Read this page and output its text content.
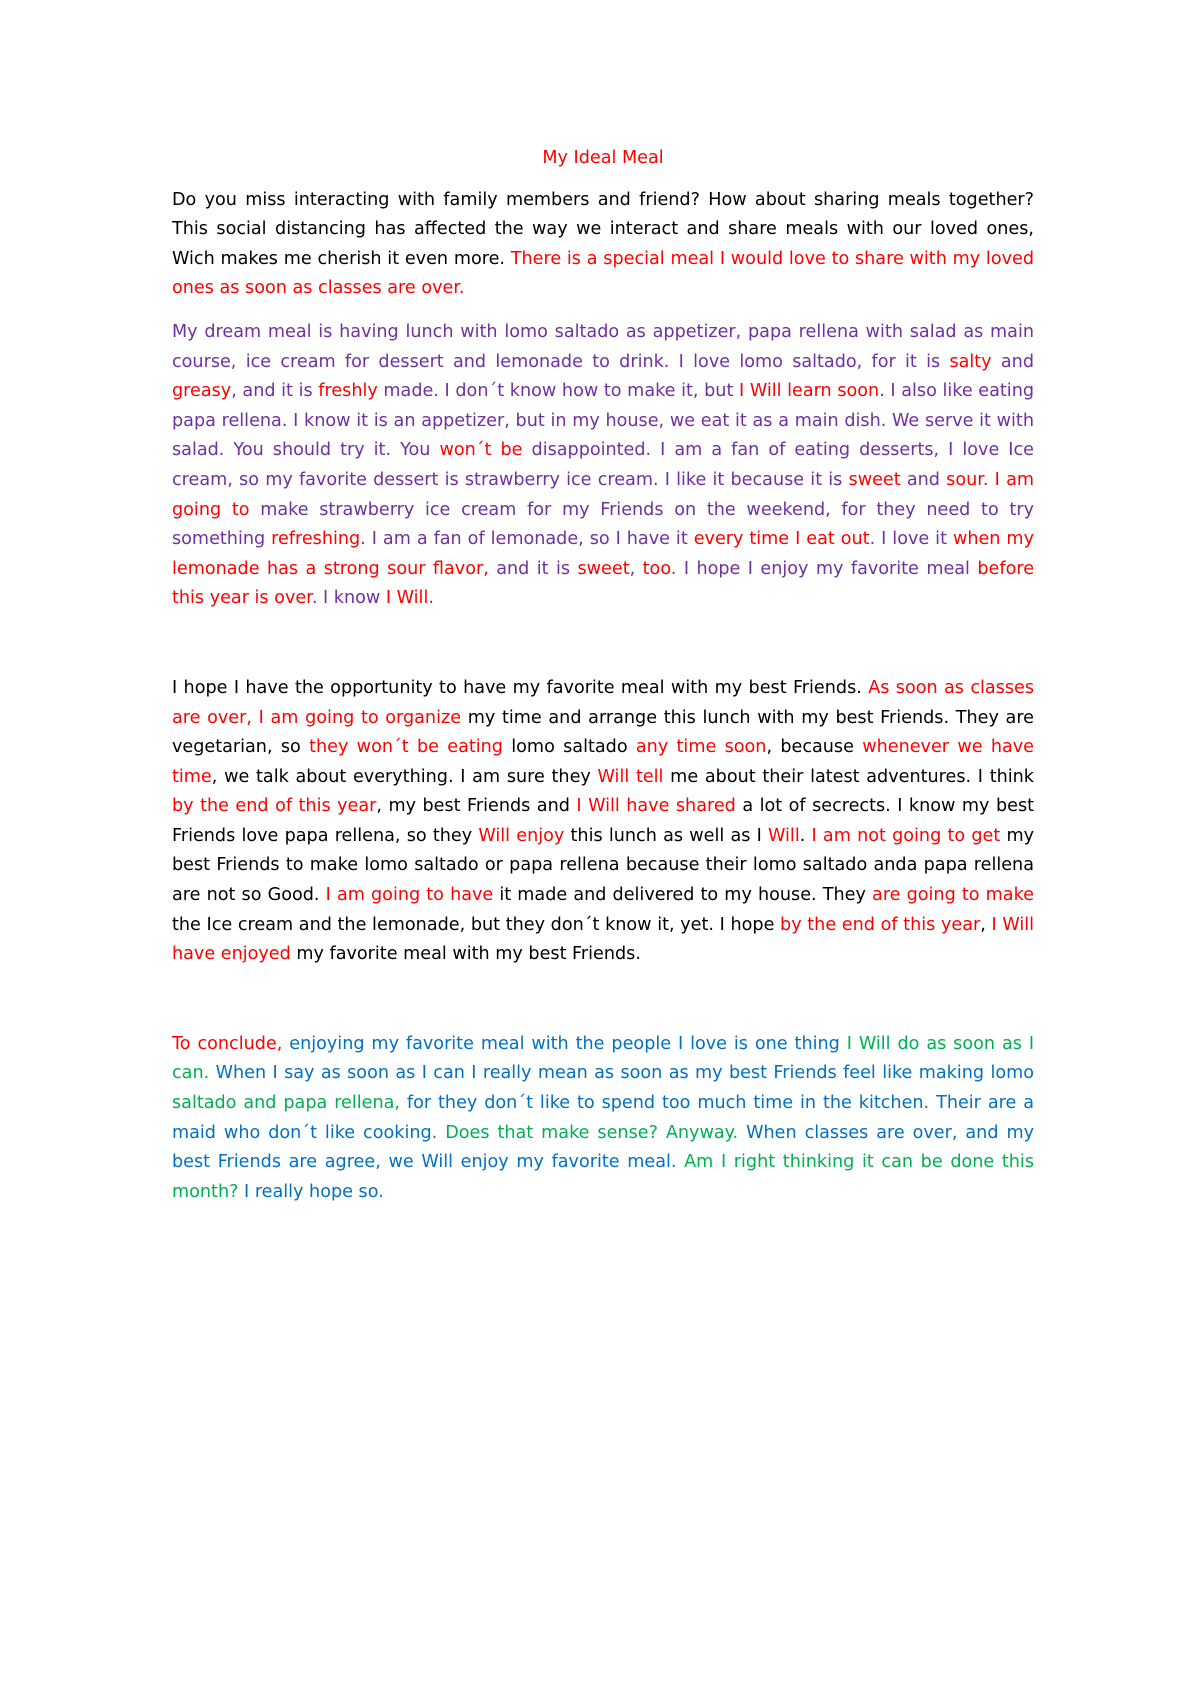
My Ideal Meal

Do you miss interacting with family members and friend? How about sharing meals together? This social distancing has affected the way we interact and share meals with our loved ones, Wich makes me cherish it even more. There is a special meal I would love to share with my loved ones as soon as classes are over.

My dream meal is having lunch with lomo saltado as appetizer, papa rellena with salad as main course, ice cream for dessert and lemonade to drink. I love lomo saltado, for it is salty and greasy, and it is freshly made. I don´t know how to make it, but I Will learn soon. I also like eating papa rellena. I know it is an appetizer, but in my house, we eat it as a main dish. We serve it with salad. You should try it. You won´t be disappointed. I am a fan of eating desserts, I love Ice cream, so my favorite dessert is strawberry ice cream. I like it because it is sweet and sour. I am going to make strawberry ice cream for my Friends on the weekend, for they need to try something refreshing. I am a fan of lemonade, so I have it every time I eat out. I love it when my lemonade has a strong sour flavor, and it is sweet, too. I hope I enjoy my favorite meal before this year is over. I know I Will.

I hope I have the opportunity to have my favorite meal with my best Friends. As soon as classes are over, I am going to organize my time and arrange this lunch with my best Friends. They are vegetarian, so they won´t be eating lomo saltado any time soon, because whenever we have time, we talk about everything. I am sure they Will tell me about their latest adventures. I think by the end of this year, my best Friends and I Will have shared a lot of secrects. I know my best Friends love papa rellena, so they Will enjoy this lunch as well as I Will. I am not going to get my best Friends to make lomo saltado or papa rellena because their lomo saltado anda papa rellena are not so Good. I am going to have it made and delivered to my house. They are going to make the Ice cream and the lemonade, but they don´t know it, yet. I hope by the end of this year, I Will have enjoyed my favorite meal with my best Friends.

To conclude, enjoying my favorite meal with the people I love is one thing I Will do as soon as I can. When I say as soon as I can I really mean as soon as my best Friends feel like making lomo saltado and papa rellena, for they don´t like to spend too much time in the kitchen. Their are a maid who don´t like cooking. Does that make sense? Anyway. When classes are over, and my best Friends are agree, we Will enjoy my favorite meal. Am I right thinking it can be done this month? I really hope so.
